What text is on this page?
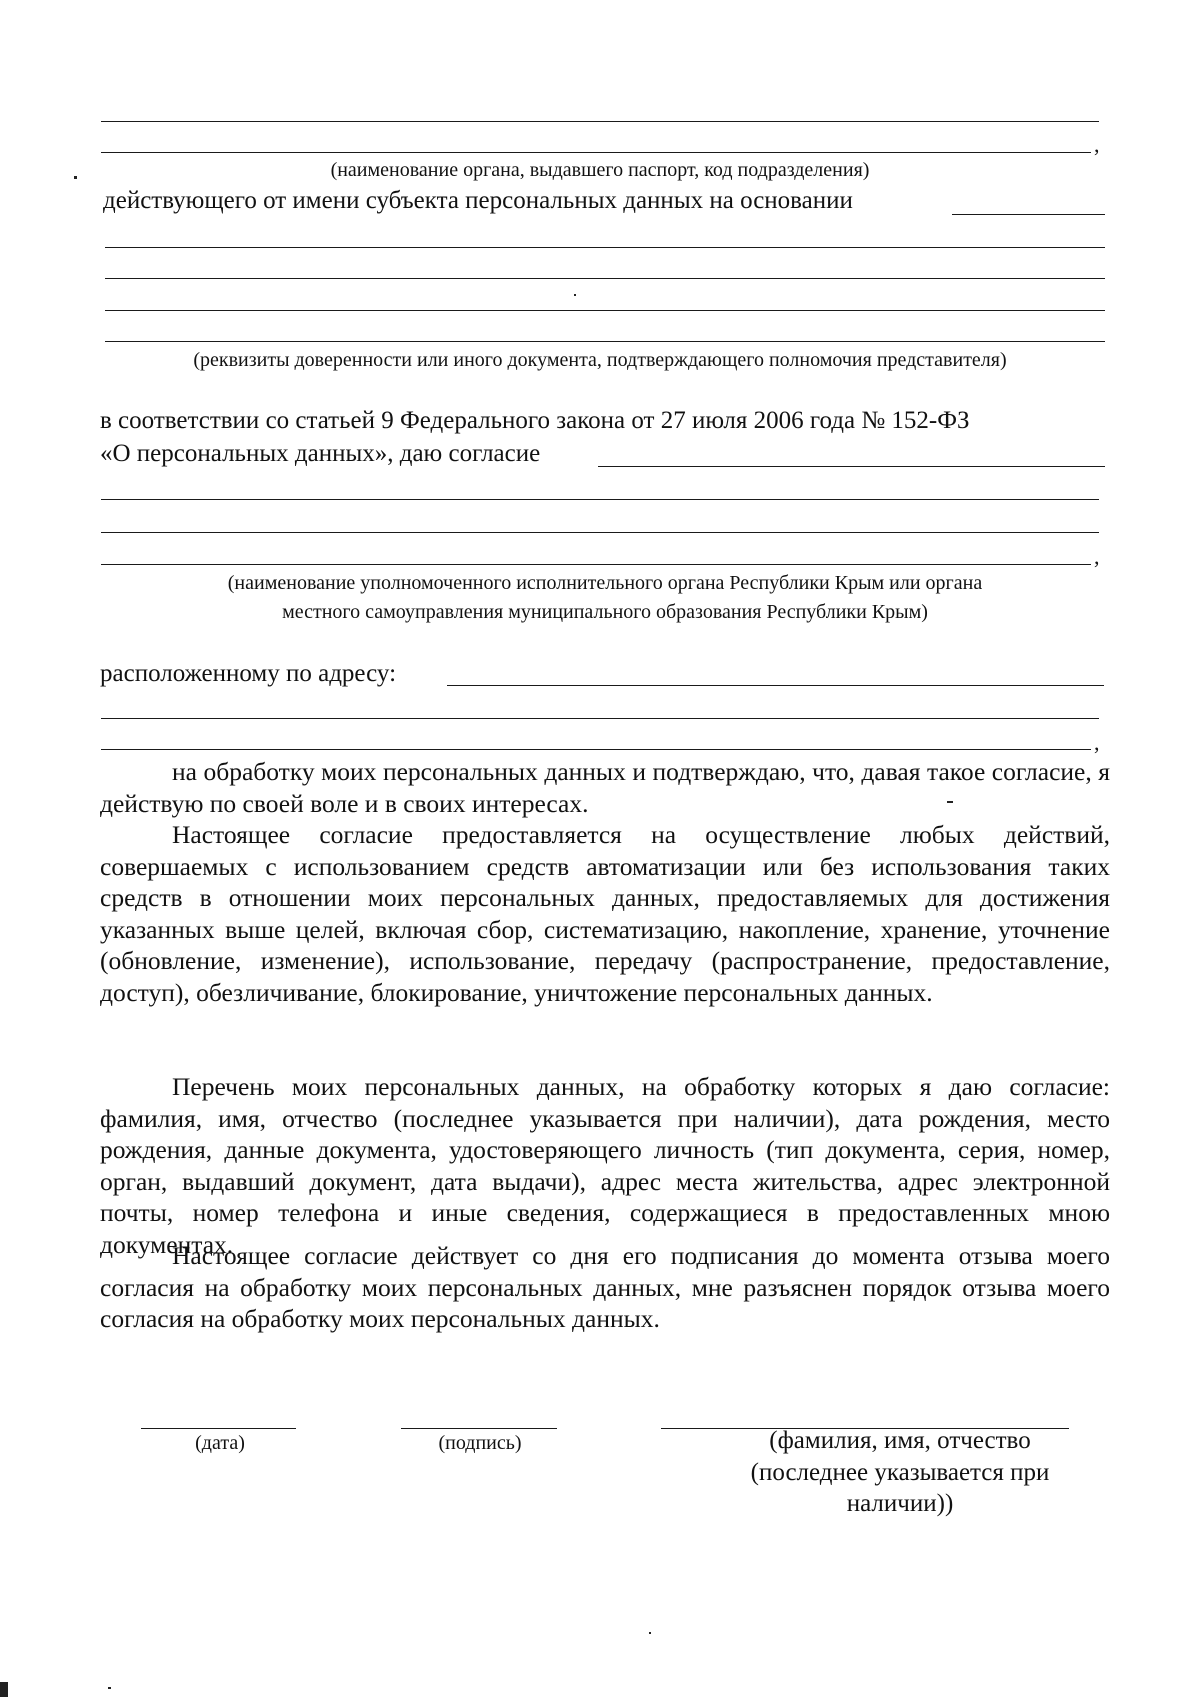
,
(наименование органа, выдавшего паспорт, код подразделения)
действующего от имени субъекта персональных данных на основании
(реквизиты доверенности или иного документа, подтверждающего полномочия представителя)
в соответствии со статьей 9 Федерального закона от 27 июля 2006 года № 152-ФЗ
«О персональных данных», даю согласие
,
(наименование уполномоченного исполнительного органа Республики Крым или органа
местного самоуправления муниципального образования Республики Крым)
расположенному по адресу:
,
на обработку моих персональных данных и подтверждаю, что, давая такое согласие, я действую по своей воле и в своих интересах.
Настоящее согласие предоставляется на осуществление любых действий, совершаемых с использованием средств автоматизации или без использования таких средств в отношении моих персональных данных, предоставляемых для достижения указанных выше целей, включая сбор, систематизацию, накопление, хранение, уточнение (обновление, изменение), использование, передачу (распространение, предоставление, доступ), обезличивание, блокирование, уничтожение персональных данных.
Перечень моих персональных данных, на обработку которых я даю согласие: фамилия, имя, отчество (последнее указывается при наличии), дата рождения, место рождения, данные документа, удостоверяющего личность (тип документа, серия, номер, орган, выдавший документ, дата выдачи), адрес места жительства, адрес электронной почты, номер телефона и иные сведения, содержащиеся в предоставленных мною документах.
Настоящее согласие действует со дня его подписания до момента отзыва моего согласия на обработку моих персональных данных, мне разъяснен порядок отзыва моего согласия на обработку моих персональных данных.
(дата)	(подпись)	(фамилия, имя, отчество
(последнее указывается при
наличии))
